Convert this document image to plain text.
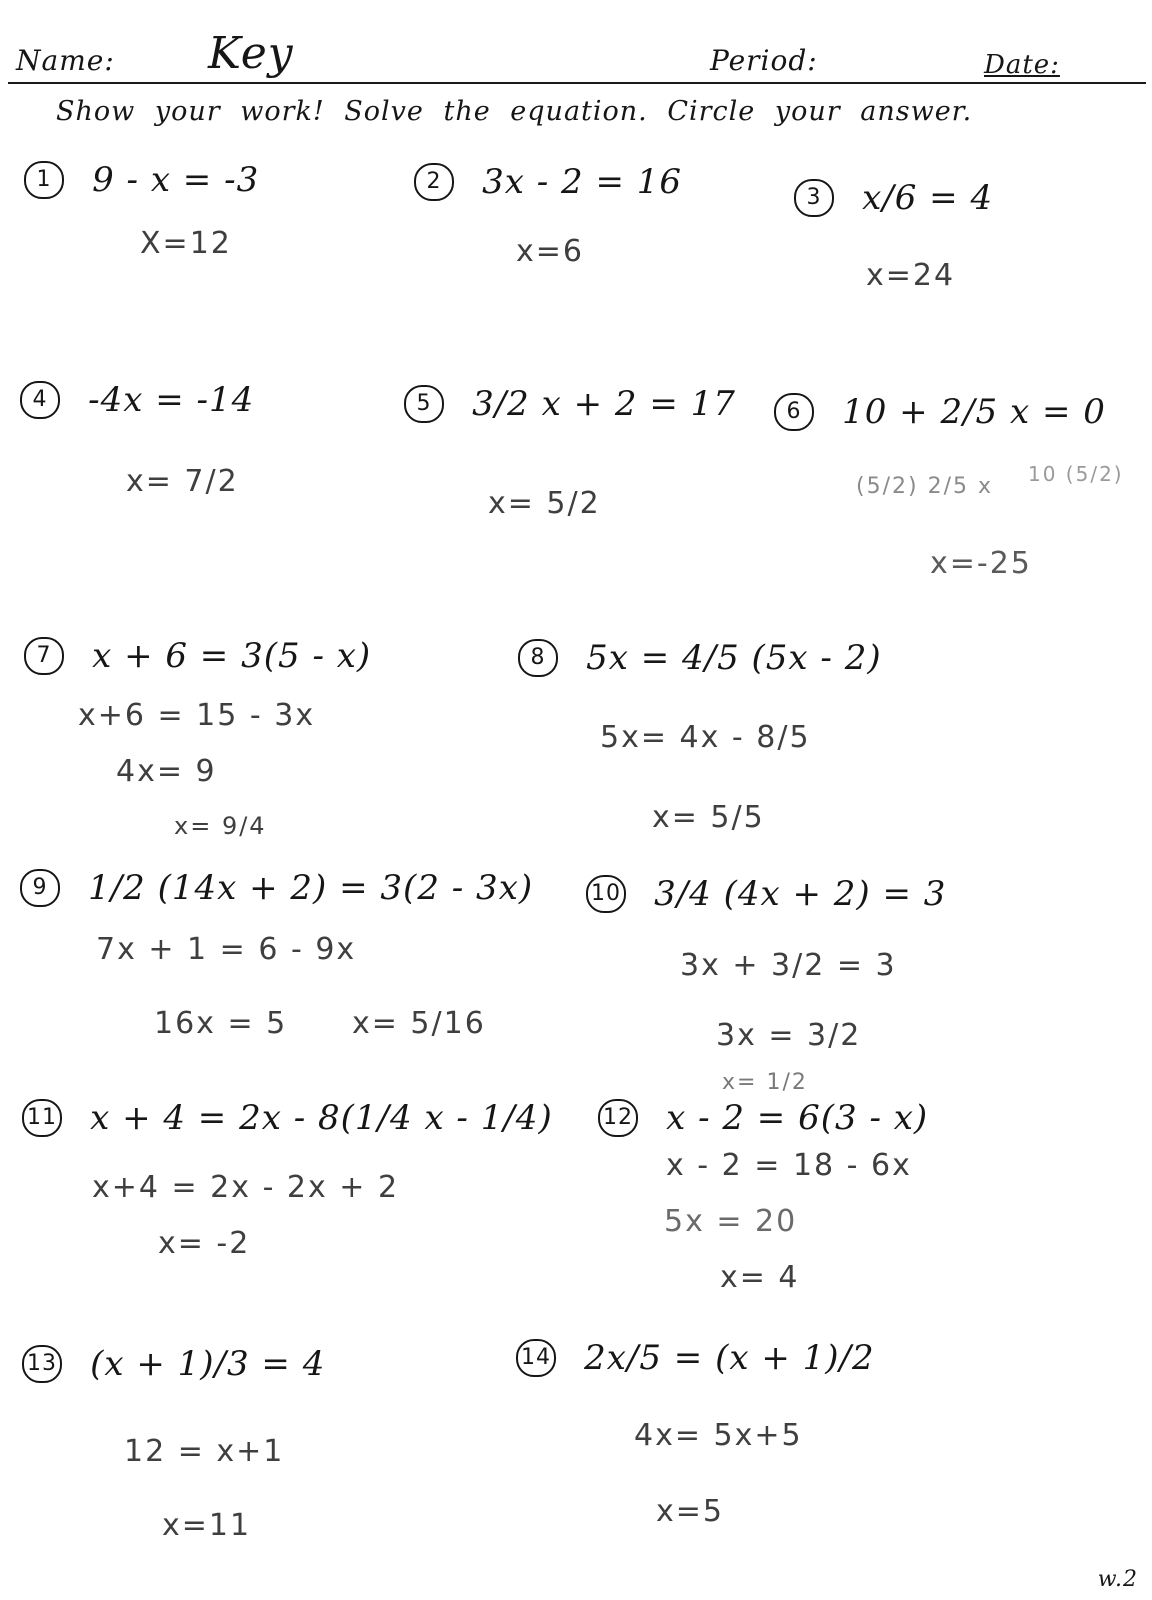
Name: Key	Period:	Date:
Show your work! Solve the equation. Circle your answer.
1 9 - x = -3
X=12
2 3x - 2 = 16
x=6
3 x/6 = 4
x=24
4 -4x = -14
x= 7/2
5 3/2 x + 2 = 17
x= 5/2
6 10 + 2/5 x = 0
(5/2) 2/5 x 10 (5/2)
x=-25
7 x + 6 = 3(5 - x)
x+6 = 15 - 3x
4x= 9
x= 9/4
8 5x = 4/5 (5x - 2)
5x= 4x - 8/5
x= 5/5
9 1/2 (14x + 2) = 3(2 - 3x)
7x + 1 = 6 - 9x
16x = 5 x= 5/16
10 3/4 (4x + 2) = 3
3x + 3/2 = 3
3x = 3/2
x= 1/2
11 x + 4 = 2x - 8(1/4 x - 1/4)
x+4 = 2x - 2x + 2
x= -2
12 x - 2 = 6(3 - x)
x - 2 = 18 - 6x
5x = 20
x= 4
13 (x + 1)/3 = 4
12 = x+1
x=11
14 2x/5 = (x + 1)/2
4x= 5x+5
x=5
w.2
